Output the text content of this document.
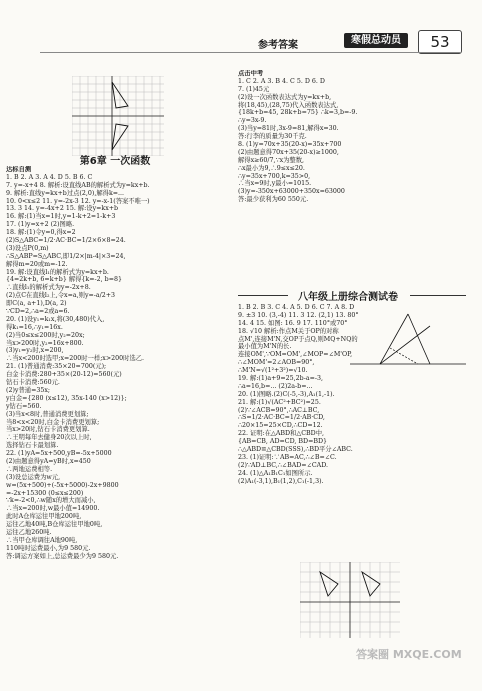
参考答案	寒假总动员	53
第6章 一次函数
达标自测
1. B 2. A 3. A 4. D 5. B 6. C
7. y=-x+4 8. 解析:设直线AB的解析式为y=kx+b.
9. 解析:直线y=kx+b过点(2,0),解得k=...
10. 0<x≤2 11. y=-2x-3 12. y=-x-1(答案不唯一)
13. 3 14. y=-4x+2 15. 解:设y=kx+b
16. 解:(1)当x=1时,y=1-k+2=1-k+3
17. (1)y=x+2 (2)图略.
18. 解:(1)令y=0,得x=2
(2)S△ABC=1/2·AC·BC=1/2×6×8=24.
(3)设点P(0,m)
∴S△ABP=S△ABC,即1/2×|m-4|×3=24,
解得m=20或m=-12.
19. 解:设直线l₁的解析式为y=kx+b.
{4=2k+b, 6=k+b} 解得{k=-2, b=8}
∴直线l₁的解析式为y=-2x+8.
(2)点C在直线l₂上,令x=a,则y=-a/2+3
即C(a, a+1),D(a, 2)
∵CD=2,∴a=2或a=6.
20. (1)设y₁=k₁x,将(30,480)代入,
得k₁=16,∴y₁=16x.
(2)当0≤x≤200时,y₂=20x;
当x>200时,y₂=16x+800.
(3)y₁=y₂时,x=200,
∴当x<200时选甲;x=200时一样;x>200时选乙.
21. (1)普通消费:35×20=700(元);
白金卡消费:280+35×(20-12)=560(元)
钻石卡消费:560元.
(2)y普通=35x;
y白金={280 (x≤12), 35x-140 (x>12)};
y钻石=560.
(3)当x<8时,普通消费更划算;
当8<x<20时,白金卡消费更划算;
当x>20时,钻石卡消费更划算.
∴王明每年去健身20次以上时,
选择钻石卡最划算.
22. (1)yA=5x+500,yB=-5x+5000
(2)由题意得yA=yB时,x=450
∴两地运费相等.
(3)设总运费为w元,
w=(5x+500)+(-5x+5000)-2x+9800
=-2x+15300 (0≤x≤200)
∵k=-2<0,∴w随x的增大而减小,
∴当x=200时,w最小值=14900.
此时A仓库运往甲地200吨,
运往乙地40吨,B仓库运往甲地0吨,
运往乙地260吨.
∴当甲仓库调往A地90吨,
110吨时运费最小,为9 580元.
答:调运方案如上,总运费最少为9 580元.
点击中考
1. C 2. A 3. B 4. C 5. D 6. D
7. (1)45元
(2)设一次函数表达式为y=kx+b,
将(18,45),(28,75)代入函数表达式,
{18k+b=45, 28k+b=75} ∴k=3,b=-9.
∴y=3x-9.
(3)当y=81时,3x-9=81,解得x=30.
答:行李的质量为30千克.
8. (1)y=70x+35(20-x)=35x+700
(2)由题意得70x+35(20-x)≥1000,
解得x≥60/7,∵x为整数,
∴x最小为9,∴9≤x≤20.
∴y=35x+700,k=35>0,
∴当x=9时,y最小=1015.
(3)y=-350x+63000+350x=63000
答:最少获利为60 550元.
八年级上册综合测试卷
1. B 2. B 3. C 4. A 5. D 6. C 7. A 8. D
9. ±3 10. (3,-4) 11. 3 12. (2,1) 13. 80°
14. 4 15. 如图: 16. 9 17. 110°或70°
18. √10 解析:作点M关于OP的对称
点M',连接M'N,交OP于点Q,则MQ+NQ的
最小值为M'N的长.
连接OM',∵OM=OM',∠MOP=∠M'OP,
∴∠MOM'=2∠AOB=90°,
∴M'N=√(1²+3²)=√10.
19. 解:(1)a+9=25,2b-a=-3,
∴a=16,b=... (2)2a-b=...
20. (1)图略.(2)C(-5,-3),A₁(1,-1).
21. 解:(1)√(AC²+BC²)=25.
(2)∵∠ACB=90°,∴AC⊥BC,
∴S=1/2·AC·BC=1/2·AB·CD,
∴20×15=25×CD,∴CD=12.
22. 证明:在△ABD和△CBD中,
{AB=CB, AD=CD, BD=BD}
∴△ABD≌△CBD(SSS),∴BD平分∠ABC.
23. (1)证明:∵AB=AC,∴∠B=∠C.
(2)∵AD⊥BC,∴∠BAD=∠CAD.
24. (1)△A₁B₁C₁如图所示.
(2)A₁(-3,1),B₁(1,2),C₁(-1,3).
答案圈 MXQE.COM
